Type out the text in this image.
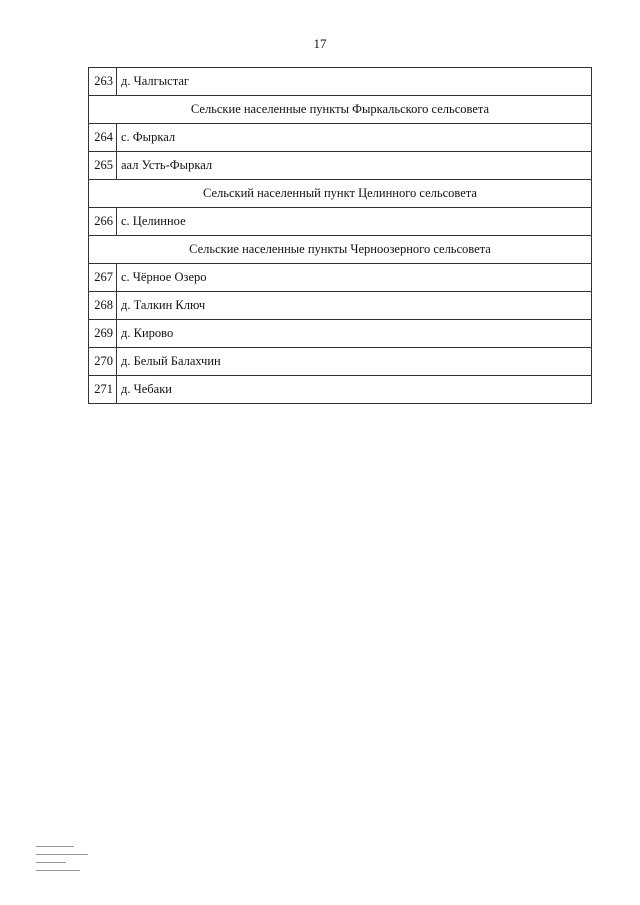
17
263	д. Чалгыстаг
Сельские населенные пункты Фыркальского сельсовета	
264	с. Фыркал
265	аал Усть-Фыркал
Сельский населенный пункт Целинного сельсовета	
266	с. Целинное
Сельские населенные пункты Черноозерного сельсовета	
267	с. Чёрное Озеро
268	д. Талкин Ключ
269	д. Кирово
270	д. Белый Балахчин
271	д. Чебаки
